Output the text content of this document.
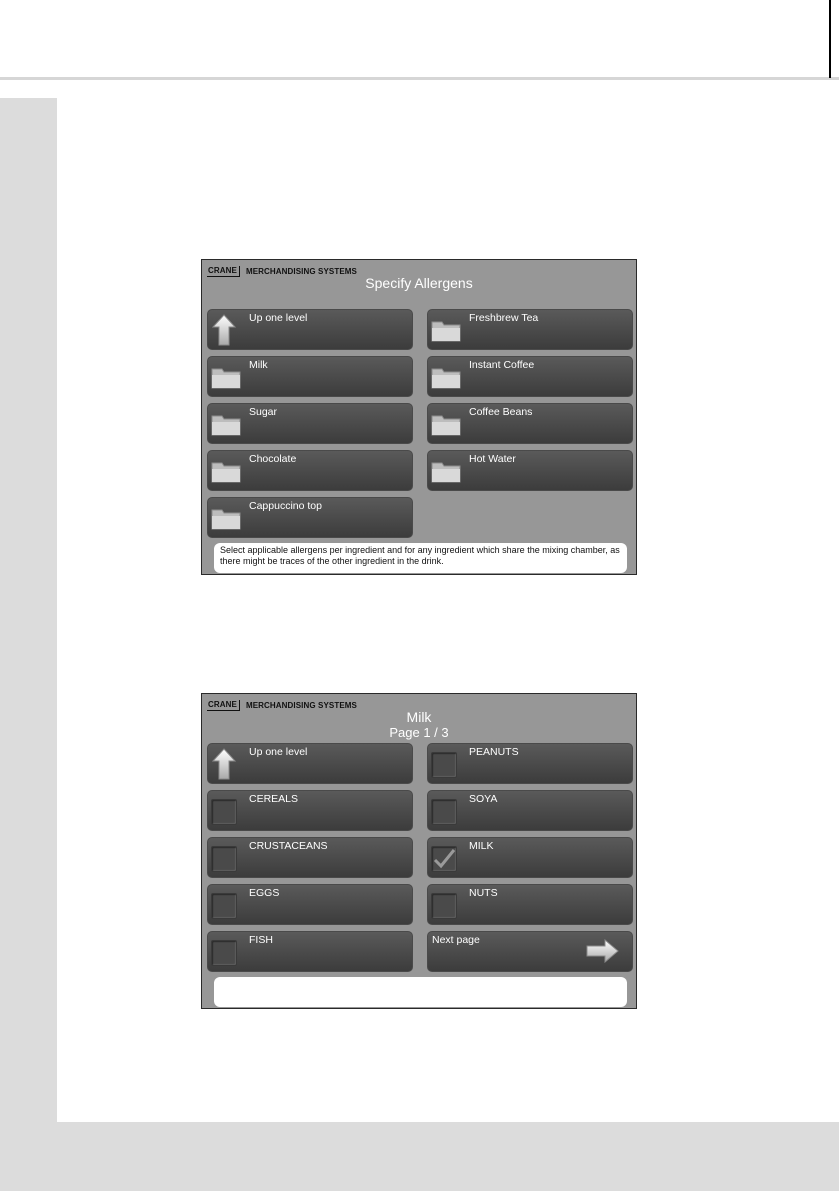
CRANE	MERCHANDISING SYSTEMS
Specify Allergens
Up one level
Milk
Sugar
Chocolate
Cappuccino top
Freshbrew Tea
Instant Coffee
Coffee Beans
Hot Water
Select applicable allergens per ingredient and for any ingredient which share the mixing chamber, as there might be traces of the other ingredient in the drink.
CRANE	MERCHANDISING SYSTEMS
Milk
Page 1 / 3
Up one level
CEREALS
CRUSTACEANS
EGGS
FISH
PEANUTS
SOYA
MILK
NUTS
Next page
